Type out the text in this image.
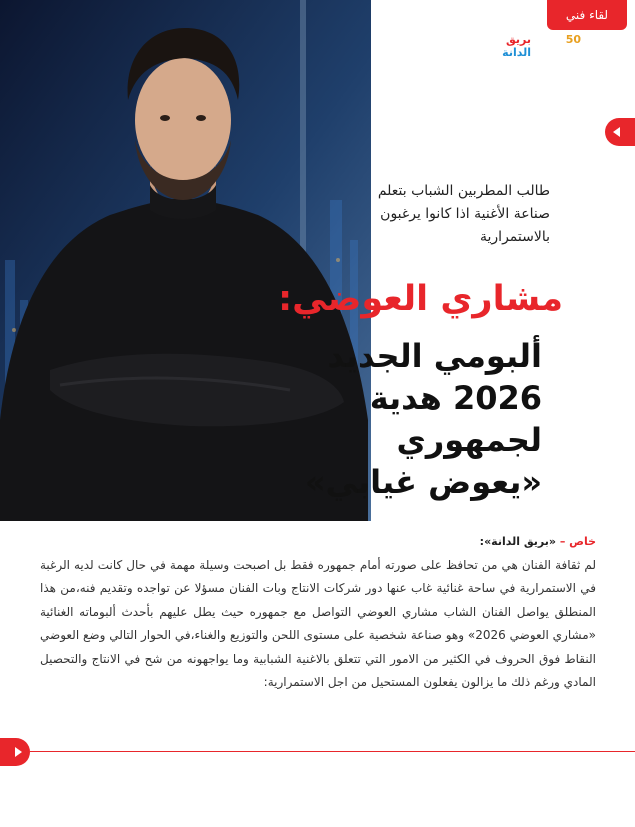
لقاء فني
بريق الدانة
50
طالب المطربين الشباب بتعلم صناعة الأغنية اذا كانوا يرغبون بالاستمرارية
مشاري العوضي:
ألبومي الجديد
2026 هدية
لجمهوري
«يعوض غيابي»
خاص – «بريق الدانة»:
لم ثقافة الفنان هي من تحافظ على صورته أمام جمهوره فقط بل اصبحت وسيلة مهمة في حال كانت لديه الرغبة في الاستمرارية في ساحة غنائية غاب عنها دور شركات الانتاج وبات الفنان مسؤلا عن تواجده وتقديم فنه،من هذا المنطلق يواصل الفنان الشاب مشاري العوضي التواصل مع جمهوره حيث يطل عليهم بأحدث ألبوماته الغنائية «مشاري العوضي 2026» وهو صناعة شخصية على مستوى اللحن والتوزيع والغناء،في الحوار التالي وضع العوضي النقاط فوق الحروف في الكثير من الامور التي تتعلق بالاغنية الشبابية وما يواجهونه من شح في الانتاج والتحصيل المادي ورغم ذلك ما يزالون يفعلون المستحيل من اجل الاستمرارية:
